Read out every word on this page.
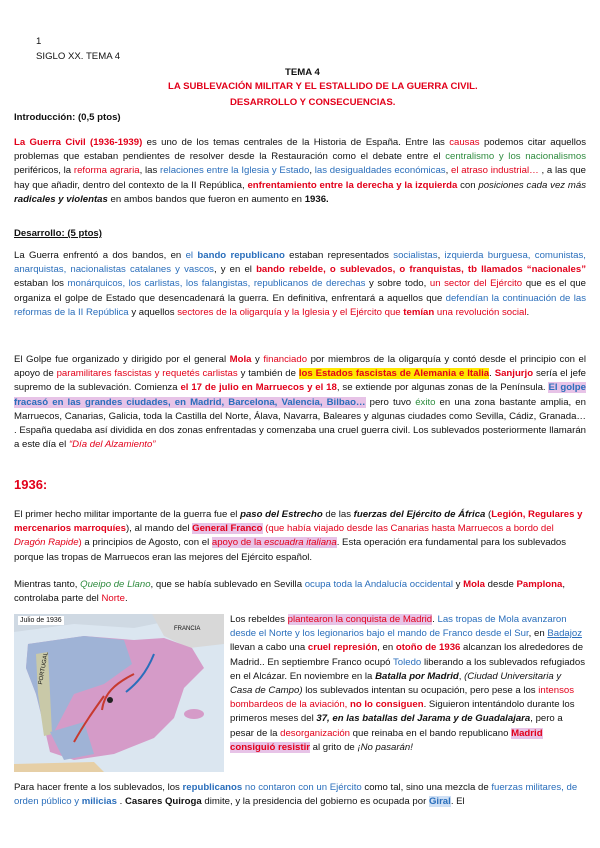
1
SIGLO XX. TEMA 4
TEMA 4
LA SUBLEVACIÓN MILITAR Y EL ESTALLIDO DE LA GUERRA CIVIL.
DESARROLLO Y CONSECUENCIAS.
Introducción: (0,5 ptos)

La Guerra Civil (1936-1939) es uno de los temas centrales de la Historia de España. Entre las causas podemos citar aquellos problemas que estaban pendientes de resolver desde la Restauración como el debate entre el centralismo y los nacionalismos periféricos, la reforma agraria, las relaciones entre la Iglesia y Estado, las desigualdades económicas, el atraso industrial… , a las que hay que añadir, dentro del contexto de la II República, enfrentamiento entre la derecha y la izquierda con posiciones cada vez más radicales y violentas en ambos bandos que fueron en aumento en 1936.

Desarrollo: (5 ptos)

La Guerra enfrentó a dos bandos, en el bando republicano estaban representados socialistas, izquierda burguesa, comunistas, anarquistas, nacionalistas catalanes y vascos, y en el bando rebelde, o sublevados, o franquistas, tb llamados “nacionales” estaban los monárquicos, los carlistas, los falangistas, republicanos de derechas y sobre todo, un sector del Ejército que es el que organiza el golpe de Estado que desencadenará la guerra. En definitiva, enfrentará a aquellos que defendían la continuación de las reformas de la II República y aquellos sectores de la oligarquía y la Iglesia y el Ejército que temían una revolución social.

El Golpe fue organizado y dirigido por el general Mola y financiado por miembros de la oligarquía y contó desde el principio con el apoyo de paramilitares fascistas y requetés carlistas y también de los Estados fascistas de Alemania e Italia. Sanjurjo sería el jefe supremo de la sublevación. Comienza el 17 de julio en Marruecos y el 18, se extiende por algunas zonas de la Península. El golpe fracasó en las grandes ciudades, en Madrid, Barcelona, Valencia, Bilbao… pero tuvo éxito en una zona bastante amplia, en Marruecos, Canarias, Galicia, toda la Castilla del Norte, Álava, Navarra, Baleares y algunas ciudades como Sevilla, Cádiz, Granada… . España quedaba así dividida en dos zonas enfrentadas y comenzaba una cruel guerra civil. Los sublevados posteriormente llamarán a este día el “Día del Alzamiento”

1936:

El primer hecho militar importante de la guerra fue el paso del Estrecho de las fuerzas del Ejército de África (Legión, Regulares y mercenarios marroquíes), al mando del General Franco (que había viajado desde las Canarias hasta Marruecos a bordo del Dragón Rapide) a principios de Agosto, con el apoyo de la escuadra italiana. Esta operación era fundamental para los sublevados porque las tropas de Marruecos eran las mejores del Ejército español.

Mientras tanto, Queipo de Llano, que se había sublevado en Sevilla ocupa toda la Andalucía occidental y Mola desde Pamplona, controlaba parte del Norte.

Julio de 1936
FRANCIA
PORTUGAL

Los rebeldes plantearon la conquista de Madrid. Las tropas de Mola avanzaron desde el Norte y los legionarios bajo el mando de Franco desde el Sur, en Badajoz llevan a cabo una cruel represión, en otoño de 1936 alcanzan los alrededores de Madrid.. En septiembre Franco ocupó Toledo liberando a los sublevados refugiados en el Alcázar. En noviembre en la Batalla por Madrid, (Ciudad Universitaria y Casa de Campo) los sublevados intentan su ocupación, pero pese a los intensos bombardeos de la aviación, no lo consiguen. Siguieron intentándolo durante los primeros meses del 37, en las batallas del Jarama y de Guadalajara, pero a pesar de la desorganización que reinaba en el bando republicano Madrid consiguió resistir al grito de ¡No pasarán!

Para hacer frente a los sublevados, los republicanos no contaron con un Ejército como tal, sino una mezcla de fuerzas militares, de orden público y milicias . Casares Quiroga dimite, y la presidencia del gobierno es ocupada por Giral. El
